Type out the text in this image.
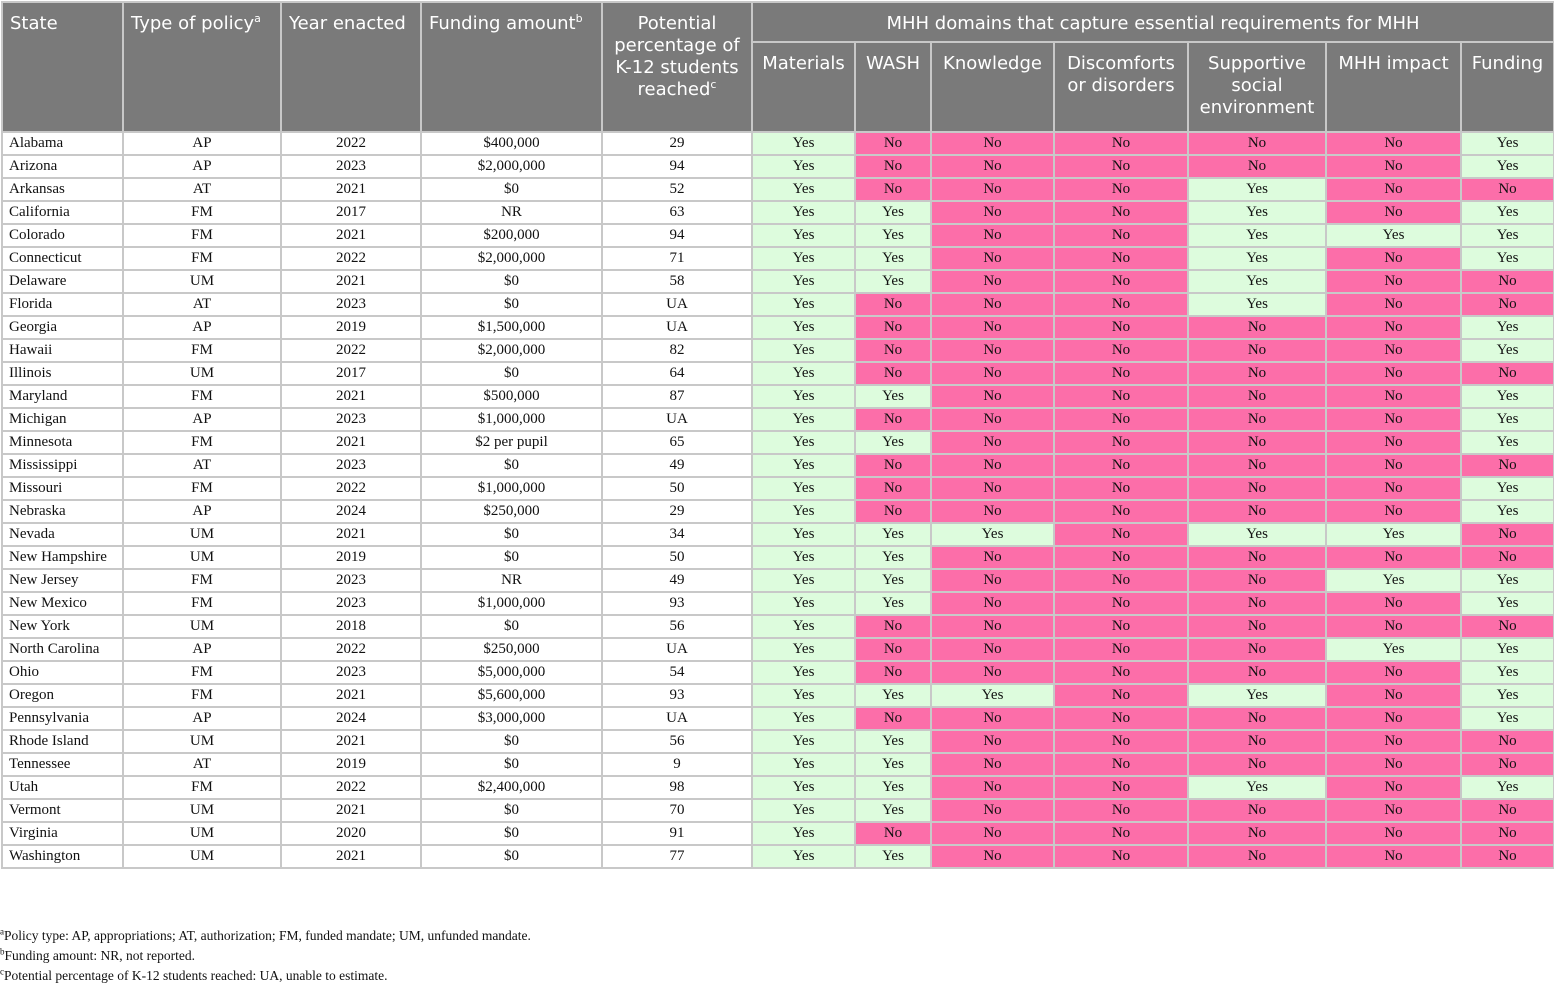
State	Type of policy$^a$	Year enacted	Funding amount$^b$	Potential percentage of K-12 students reached$^c$	MHH domains that capture essential requirements for MHH						
					Materials	WASH	Knowledge	Discomforts or disorders	Supportive social environment	MHH impact	Funding
Alabama	AP	2022	$400,000	29	Yes	No	No	No	No	No	Yes
Arizona	AP	2023	$2,000,000	94	Yes	No	No	No	No	No	Yes
Arkansas	AT	2021	$0	52	Yes	No	No	No	Yes	No	No
California	FM	2017	NR	63	Yes	Yes	No	No	Yes	No	Yes
Colorado	FM	2021	$200,000	94	Yes	Yes	No	No	Yes	Yes	Yes
Connecticut	FM	2022	$2,000,000	71	Yes	Yes	No	No	Yes	No	Yes
Delaware	UM	2021	$0	58	Yes	Yes	No	No	Yes	No	No
Florida	AT	2023	$0	UA	Yes	No	No	No	Yes	No	No
Georgia	AP	2019	$1,500,000	UA	Yes	No	No	No	No	No	Yes
Hawaii	FM	2022	$2,000,000	82	Yes	No	No	No	No	No	Yes
Illinois	UM	2017	$0	64	Yes	No	No	No	No	No	No
Maryland	FM	2021	$500,000	87	Yes	Yes	No	No	No	No	Yes
Michigan	AP	2023	$1,000,000	UA	Yes	No	No	No	No	No	Yes
Minnesota	FM	2021	$2 per pupil	65	Yes	Yes	No	No	No	No	Yes
Mississippi	AT	2023	$0	49	Yes	No	No	No	No	No	No
Missouri	FM	2022	$1,000,000	50	Yes	No	No	No	No	No	Yes
Nebraska	AP	2024	$250,000	29	Yes	No	No	No	No	No	Yes
Nevada	UM	2021	$0	34	Yes	Yes	Yes	No	Yes	Yes	No
New Hampshire	UM	2019	$0	50	Yes	Yes	No	No	No	No	No
New Jersey	FM	2023	NR	49	Yes	Yes	No	No	No	Yes	Yes
New Mexico	FM	2023	$1,000,000	93	Yes	Yes	No	No	No	No	Yes
New York	UM	2018	$0	56	Yes	No	No	No	No	No	No
North Carolina	AP	2022	$250,000	UA	Yes	No	No	No	No	Yes	Yes
Ohio	FM	2023	$5,000,000	54	Yes	No	No	No	No	No	Yes
Oregon	FM	2021	$5,600,000	93	Yes	Yes	Yes	No	Yes	No	Yes
Pennsylvania	AP	2024	$3,000,000	UA	Yes	No	No	No	No	No	Yes
Rhode Island	UM	2021	$0	56	Yes	Yes	No	No	No	No	No
Tennessee	AT	2019	$0	9	Yes	Yes	No	No	No	No	No
Utah	FM	2022	$2,400,000	98	Yes	Yes	No	No	Yes	No	Yes
Vermont	UM	2021	$0	70	Yes	Yes	No	No	No	No	No
Virginia	UM	2020	$0	91	Yes	No	No	No	No	No	No
Washington	UM	2021	$0	77	Yes	Yes	No	No	No	No	No

$^a$Policy type: AP, appropriations; AT, authorization; FM, funded mandate; UM, unfunded mandate.

$^b$Funding amount: NR, not reported.

$^c$Potential percentage of K-12 students reached: UA, unable to estimate.
